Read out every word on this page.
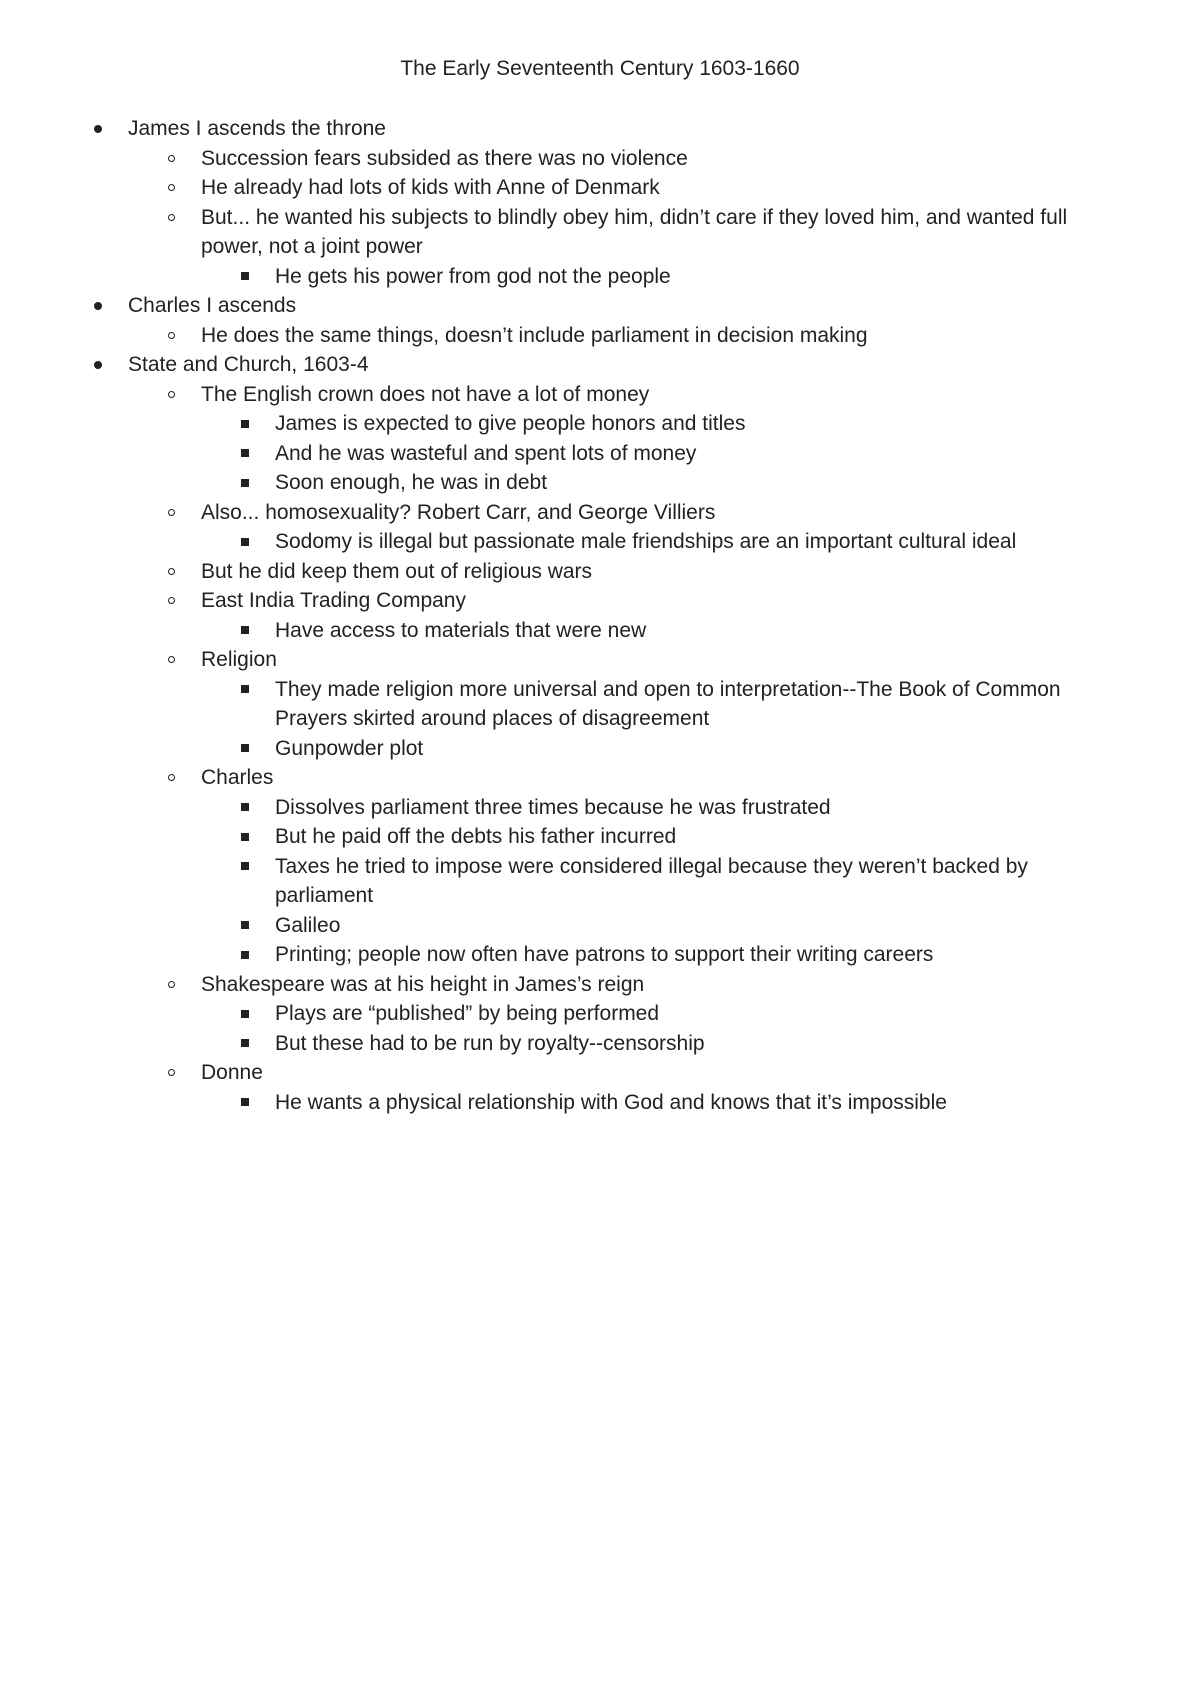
The Early Seventeenth Century 1603-1660
James I ascends the throne
Succession fears subsided as there was no violence
He already had lots of kids with Anne of Denmark
But... he wanted his subjects to blindly obey him, didn’t care if they loved him, and wanted full power, not a joint power
He gets his power from god not the people
Charles I ascends
He does the same things, doesn’t include parliament in decision making
State and Church, 1603-4
The English crown does not have a lot of money
James is expected to give people honors and titles
And he was wasteful and spent lots of money
Soon enough, he was in debt
Also... homosexuality? Robert Carr, and George Villiers
Sodomy is illegal but passionate male friendships are an important cultural ideal
But he did keep them out of religious wars
East India Trading Company
Have access to materials that were new
Religion
They made religion more universal and open to interpretation--The Book of Common Prayers skirted around places of disagreement
Gunpowder plot
Charles
Dissolves parliament three times because he was frustrated
But he paid off the debts his father incurred
Taxes he tried to impose were considered illegal because they weren’t backed by parliament
Galileo
Printing; people now often have patrons to support their writing careers
Shakespeare was at his height in James’s reign
Plays are “published” by being performed
But these had to be run by royalty--censorship
Donne
He wants a physical relationship with God and knows that it’s impossible
